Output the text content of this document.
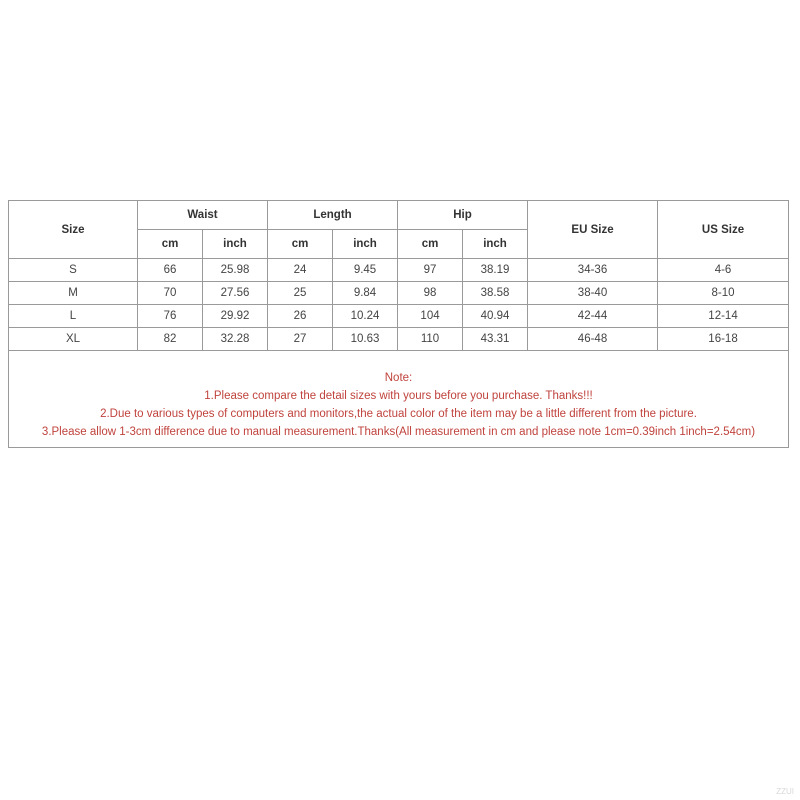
Size	Waist		Length		Hip		EU Size	US Size
	cm	inch	cm	inch	cm	inch		
S	66	25.98	24	9.45	97	38.19	34-36	4-6
M	70	27.56	25	9.84	98	38.58	38-40	8-10
L	76	29.92	26	10.24	104	40.94	42-44	12-14
XL	82	32.28	27	10.63	110	43.31	46-48	16-18

Note:
1.Please compare the detail sizes with yours before you purchase. Thanks!!!
2.Due to various types of computers and monitors,the actual color of the item may be a little different from the picture.
3.Please allow 1-3cm difference due to manual measurement.Thanks(All measurement in cm and please note 1cm=0.39inch 1inch=2.54cm)								
ZZUI
